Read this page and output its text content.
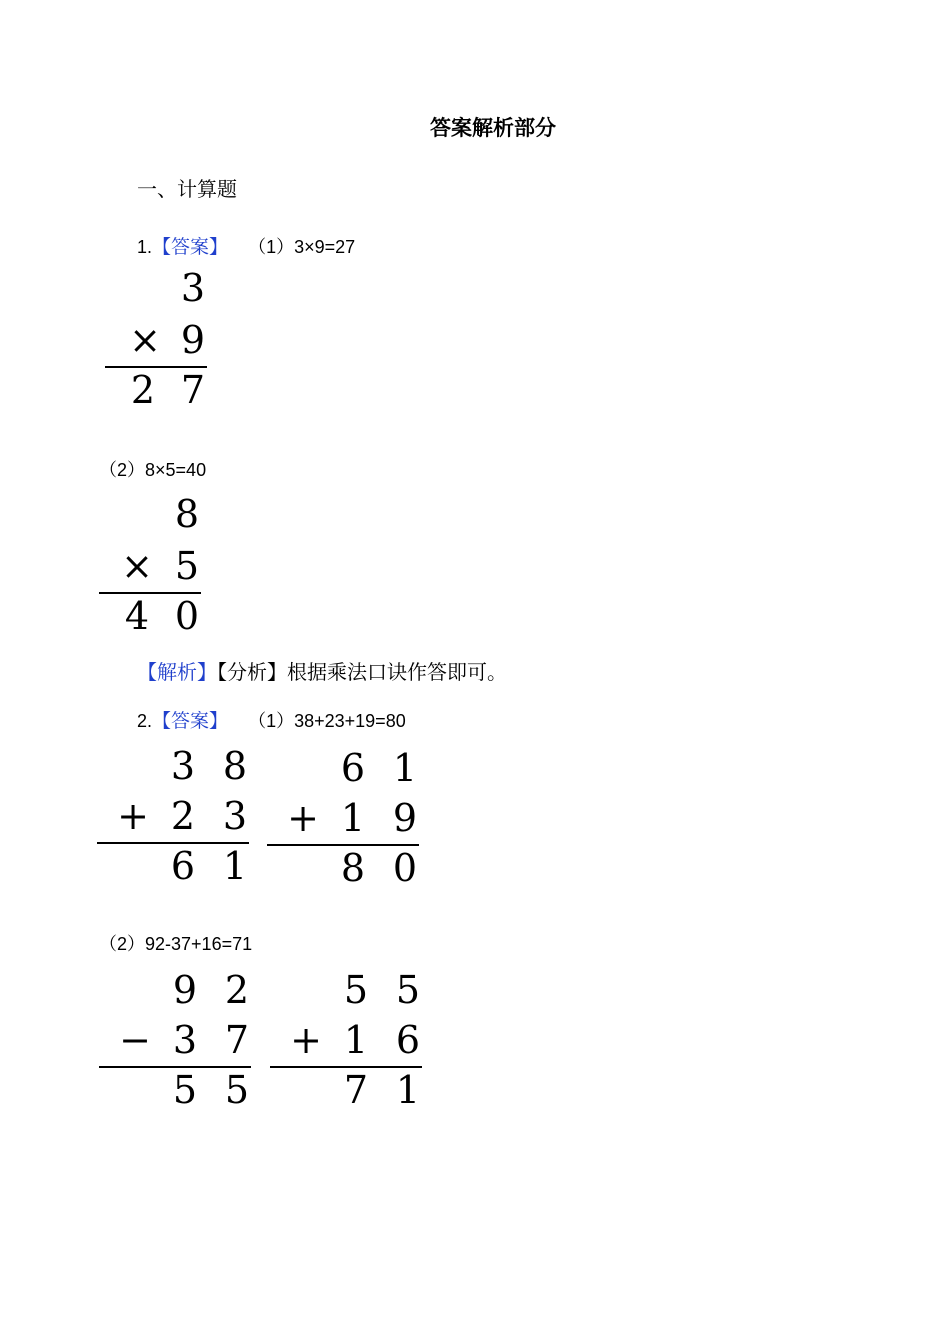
答案解析部分
一、计算题
1.【答案】 （1）3×9=27
3
× 9
2 7
（2）8×5=40
8
× 5
4 0
【解析】【分析】根据乘法口诀作答即可。
2.【答案】 （1）38+23+19=80
3 8
+ 2 3
6 1
6 1
+ 1 9
8 0
（2）92-37+16=71
9 2
− 3 7
5 5
5 5
+ 1 6
7 1
